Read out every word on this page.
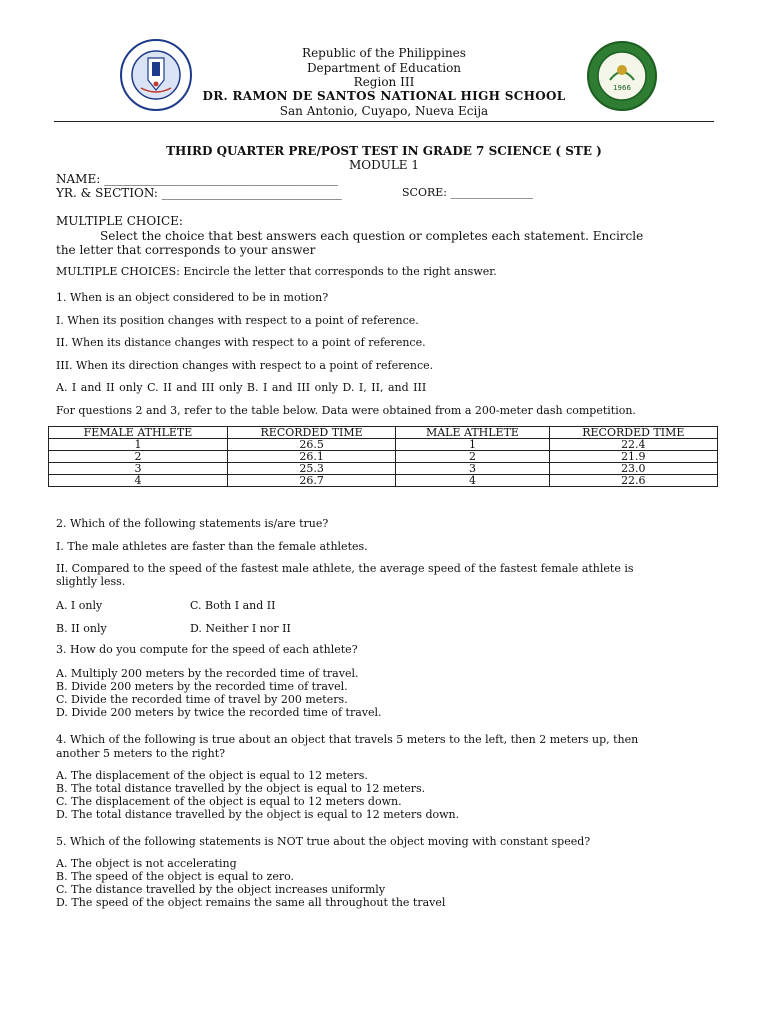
1966
Republic of the Philippines
Department of Education
Region III
DR. RAMON DE SANTOS NATIONAL HIGH SCHOOL
San Antonio, Cuyapo, Nueva Ecija
THIRD QUARTER PRE/POST TEST IN GRADE 7 SCIENCE ( STE )
MODULE 1
NAME: _______________________________________
YR. & SECTION: ______________________________	SCORE: _______________
MULTIPLE CHOICE:
Select the choice that best answers each question or completes each statement. Encircle
the letter that corresponds to your answer
MULTIPLE CHOICES: Encircle the letter that corresponds to the right answer.
1. When is an object considered to be in motion?
I. When its position changes with respect to a point of reference.
II. When its distance changes with respect to a point of reference.
III. When its direction changes with respect to a point of reference.
A. I and II only C. II and III only B. I and III only D. I, II, and III
For questions 2 and 3, refer to the table below. Data were obtained from a 200-meter dash competition.
FEMALE ATHLETE	RECORDED TIME	MALE ATHLETE	RECORDED TIME
1	26.5	1	22.4
2	26.1	2	21.9
3	25.3	3	23.0
4	26.7	4	22.6
2. Which of the following statements is/are true?
I. The male athletes are faster than the female athletes.
II. Compared to the speed of the fastest male athlete, the average speed of the fastest female athlete is
slightly less.
A. I only	C. Both I and II
B. II only	D. Neither I nor II
3. How do you compute for the speed of each athlete?
A. Multiply 200 meters by the recorded time of travel.
B. Divide 200 meters by the recorded time of travel.
C. Divide the recorded time of travel by 200 meters.
D. Divide 200 meters by twice the recorded time of travel.
4. Which of the following is true about an object that travels 5 meters to the left, then 2 meters up, then
another 5 meters to the right?
A. The displacement of the object is equal to 12 meters.
B. The total distance travelled by the object is equal to 12 meters.
C. The displacement of the object is equal to 12 meters down.
D. The total distance travelled by the object is equal to 12 meters down.
5. Which of the following statements is NOT true about the object moving with constant speed?
A. The object is not accelerating
B. The speed of the object is equal to zero.
C. The distance travelled by the object increases uniformly
D. The speed of the object remains the same all throughout the travel
